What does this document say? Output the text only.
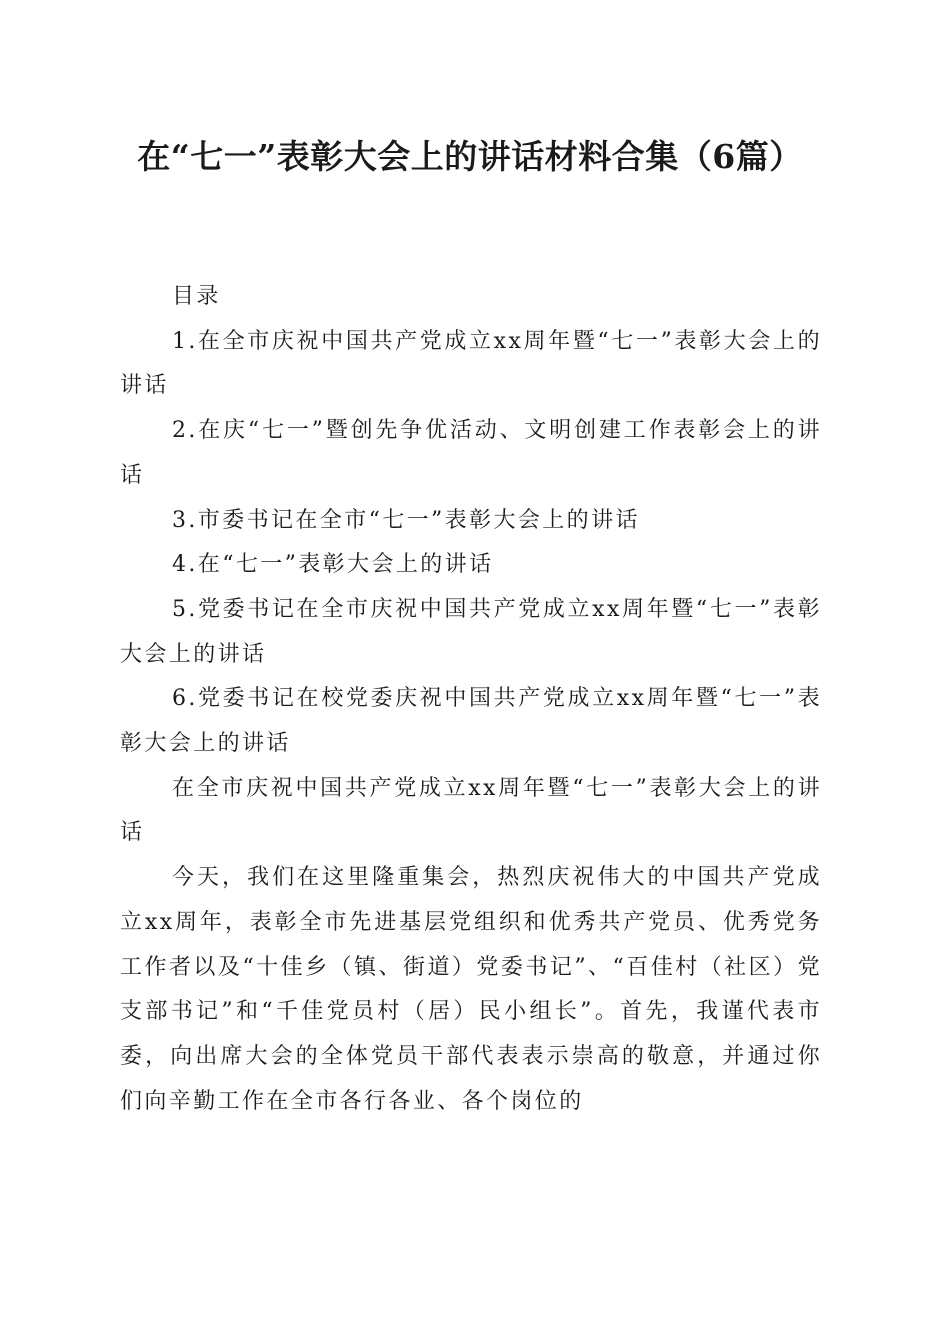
在“七一”表彰大会上的讲话材料合集（6篇）

目录

1.在全市庆祝中国共产党成立xx周年暨“七一”表彰大会上的讲话

2.在庆“七一”暨创先争优活动、文明创建工作表彰会上的讲话

3.市委书记在全市“七一”表彰大会上的讲话

4.在“七一”表彰大会上的讲话

5.党委书记在全市庆祝中国共产党成立xx周年暨“七一”表彰大会上的讲话

6.党委书记在校党委庆祝中国共产党成立xx周年暨“七一”表彰大会上的讲话

在全市庆祝中国共产党成立xx周年暨“七一”表彰大会上的讲话

今天，我们在这里隆重集会，热烈庆祝伟大的中国共产党成立xx周年，表彰全市先进基层党组织和优秀共产党员、优秀党务工作者以及“十佳乡（镇、街道）党委书记”、“百佳村（社区）党支部书记”和“千佳党员村（居）民小组长”。首先，我谨代表市委，向出席大会的全体党员干部代表表示崇高的敬意，并通过你们向辛勤工作在全市各行各业、各个岗位的
